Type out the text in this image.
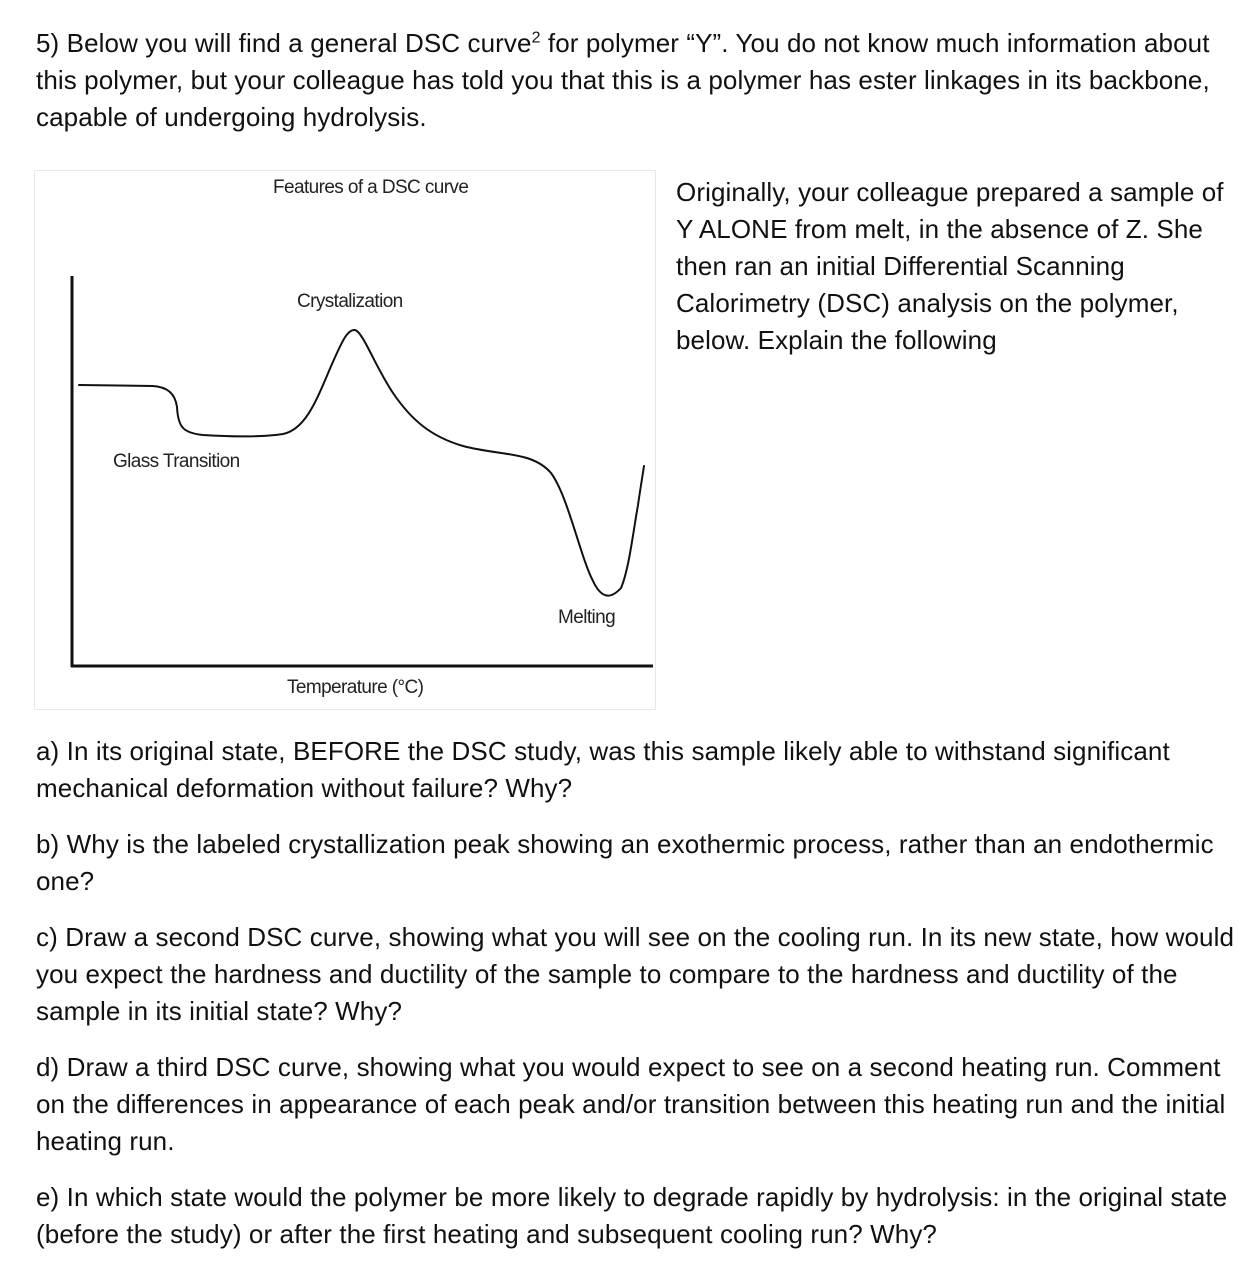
5) Below you will find a general DSC curve$^2$ for polymer “Y”. You do not know much information about this polymer, but your colleague has told you that this is a polymer has ester linkages in its backbone, capable of undergoing hydrolysis.

Features of a DSC curve
Crystalization
Glass Transition
Melting
Temperature (°C)

Originally, your colleague prepared a sample of Y ALONE from melt, in the absence of Z. She then ran an initial Differential Scanning Calorimetry (DSC) analysis on the polymer, below. Explain the following

a) In its original state, BEFORE the DSC study, was this sample likely able to withstand significant mechanical deformation without failure? Why?

b) Why is the labeled crystallization peak showing an exothermic process, rather than an endothermic one?

c) Draw a second DSC curve, showing what you will see on the cooling run. In its new state, how would you expect the hardness and ductility of the sample to compare to the hardness and ductility of the sample in its initial state? Why?

d) Draw a third DSC curve, showing what you would expect to see on a second heating run. Comment on the differences in appearance of each peak and/or transition between this heating run and the initial heating run.

e) In which state would the polymer be more likely to degrade rapidly by hydrolysis: in the original state (before the study) or after the first heating and subsequent cooling run? Why?
